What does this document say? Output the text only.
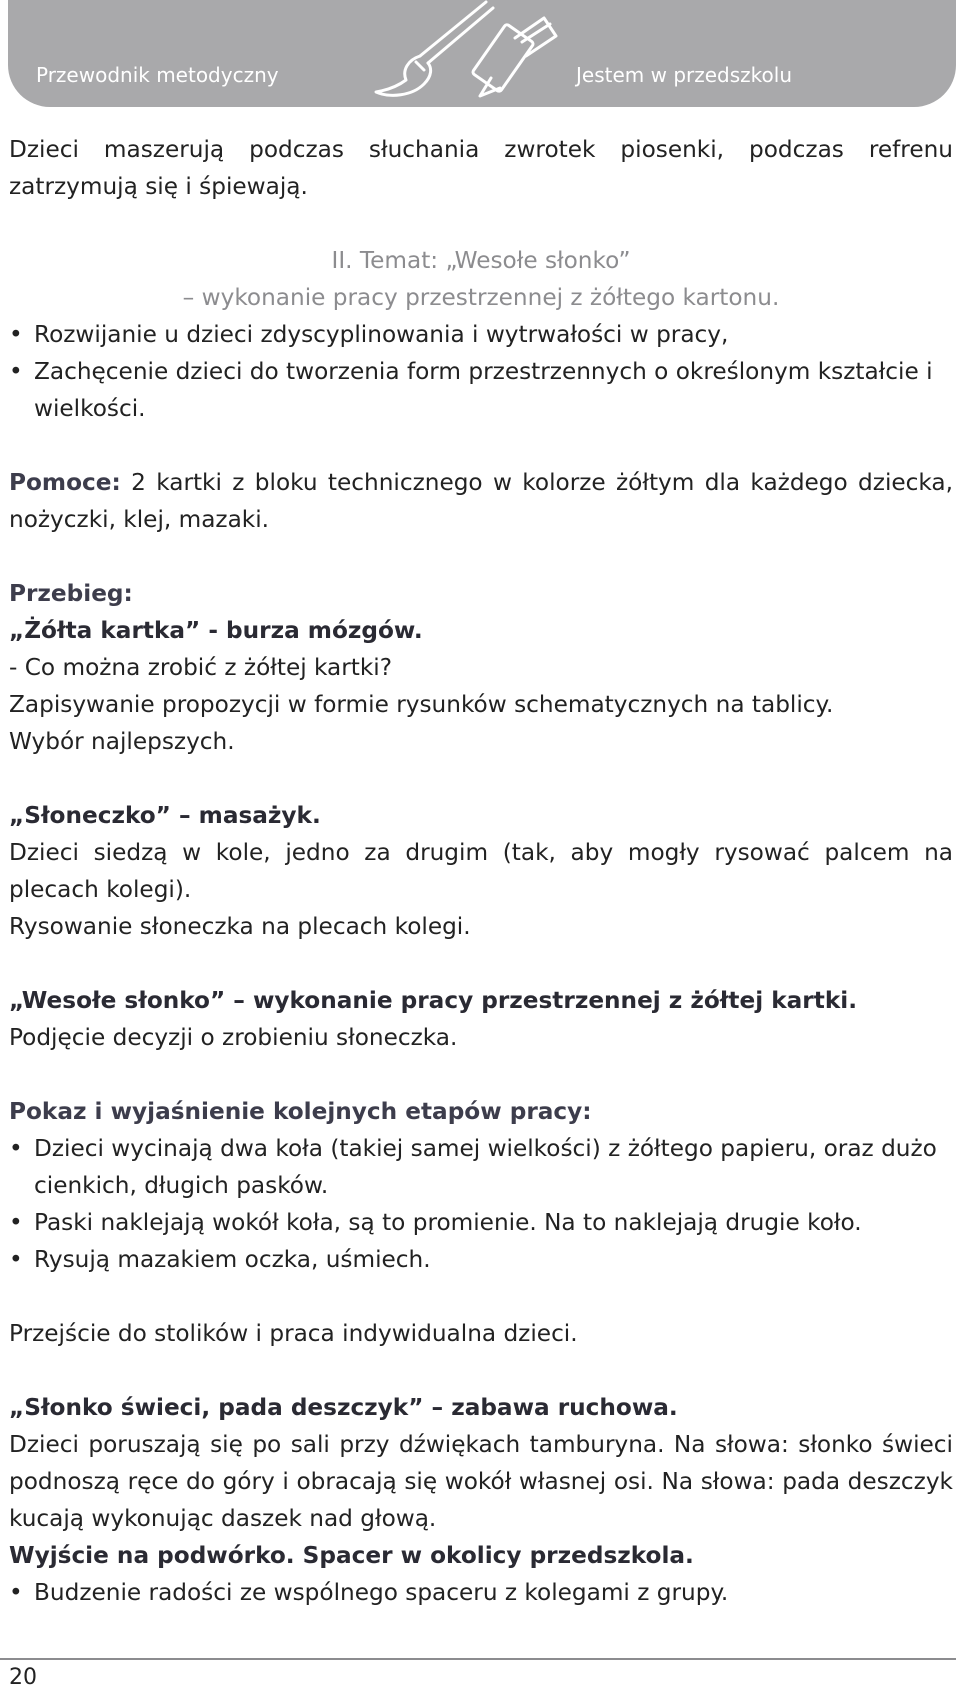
Przewodnik metodyczny	Jestem w przedszkolu

Dzieci maszerują podczas słuchania zwrotek piosenki, podczas refrenu zatrzymują się i śpiewają.

II. Temat: „Wesołe słonko”

– wykonanie pracy przestrzennej z żółtego kartonu.

• Rozwijanie u dzieci zdyscyplinowania i wytrwałości w pracy,
• Zachęcenie dzieci do tworzenia form przestrzennych o określonym kształcie i wielkości.

Pomoce: 2 kartki z bloku technicznego w kolorze żółtym dla każdego dziecka, nożyczki, klej, mazaki.

Przebieg:

„Żółta kartka” - burza mózgów.

- Co można zrobić z żółtej kartki?

Zapisywanie propozycji w formie rysunków schematycznych na tablicy.

Wybór najlepszych.

„Słoneczko” – masażyk.

Dzieci siedzą w kole, jedno za drugim (tak, aby mogły rysować palcem na plecach kolegi).

Rysowanie słoneczka na plecach kolegi.

„Wesołe słonko” – wykonanie pracy przestrzennej z żółtej kartki.

Podjęcie decyzji o zrobieniu słoneczka.

Pokaz i wyjaśnienie kolejnych etapów pracy:

• Dzieci wycinają dwa koła (takiej samej wielkości) z żółtego papieru, oraz dużo cienkich, długich pasków.
• Paski naklejają wokół koła, są to promienie. Na to naklejają drugie koło.
• Rysują mazakiem oczka, uśmiech.

Przejście do stolików i praca indywidualna dzieci.

„Słonko świeci, pada deszczyk” – zabawa ruchowa.

Dzieci poruszają się po sali przy dźwiękach tamburyna. Na słowa: słonko świeci podnoszą ręce do góry i obracają się wokół własnej osi. Na słowa: pada deszczyk kucają wykonując daszek nad głową.

Wyjście na podwórko. Spacer w okolicy przedszkola.

• Budzenie radości ze wspólnego spaceru z kolegami z grupy.
20
